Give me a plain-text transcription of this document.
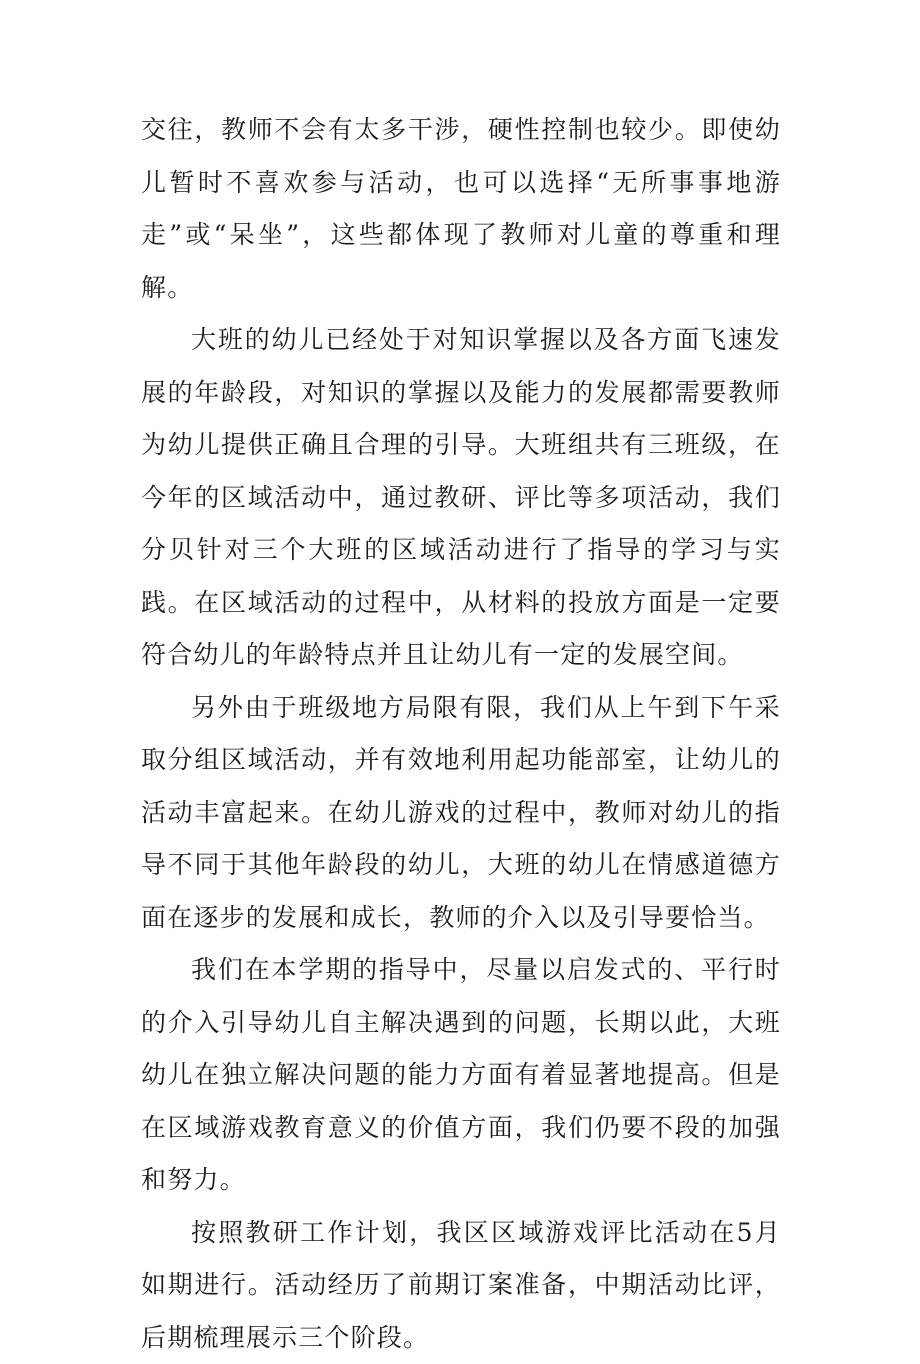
交往，教师不会有太多干涉，硬性控制也较少。即使幼儿暂时不喜欢参与活动，也可以选择“无所事事地游走”或“呆坐”，这些都体现了教师对儿童的尊重和理解。

大班的幼儿已经处于对知识掌握以及各方面飞速发展的年龄段，对知识的掌握以及能力的发展都需要教师为幼儿提供正确且合理的引导。大班组共有三班级，在今年的区域活动中，通过教研、评比等多项活动，我们分贝针对三个大班的区域活动进行了指导的学习与实践。在区域活动的过程中，从材料的投放方面是一定要符合幼儿的年龄特点并且让幼儿有一定的发展空间。

另外由于班级地方局限有限，我们从上午到下午采取分组区域活动，并有效地利用起功能部室，让幼儿的活动丰富起来。在幼儿游戏的过程中，教师对幼儿的指导不同于其他年龄段的幼儿，大班的幼儿在情感道德方面在逐步的发展和成长，教师的介入以及引导要恰当。

我们在本学期的指导中，尽量以启发式的、平行时的介入引导幼儿自主解决遇到的问题，长期以此，大班幼儿在独立解决问题的能力方面有着显著地提高。但是在区域游戏教育意义的价值方面，我们仍要不段的加强和努力。

按照教研工作计划，我区区域游戏评比活动在5月如期进行。活动经历了前期订案准备，中期活动比评，后期梳理展示三个阶段。
